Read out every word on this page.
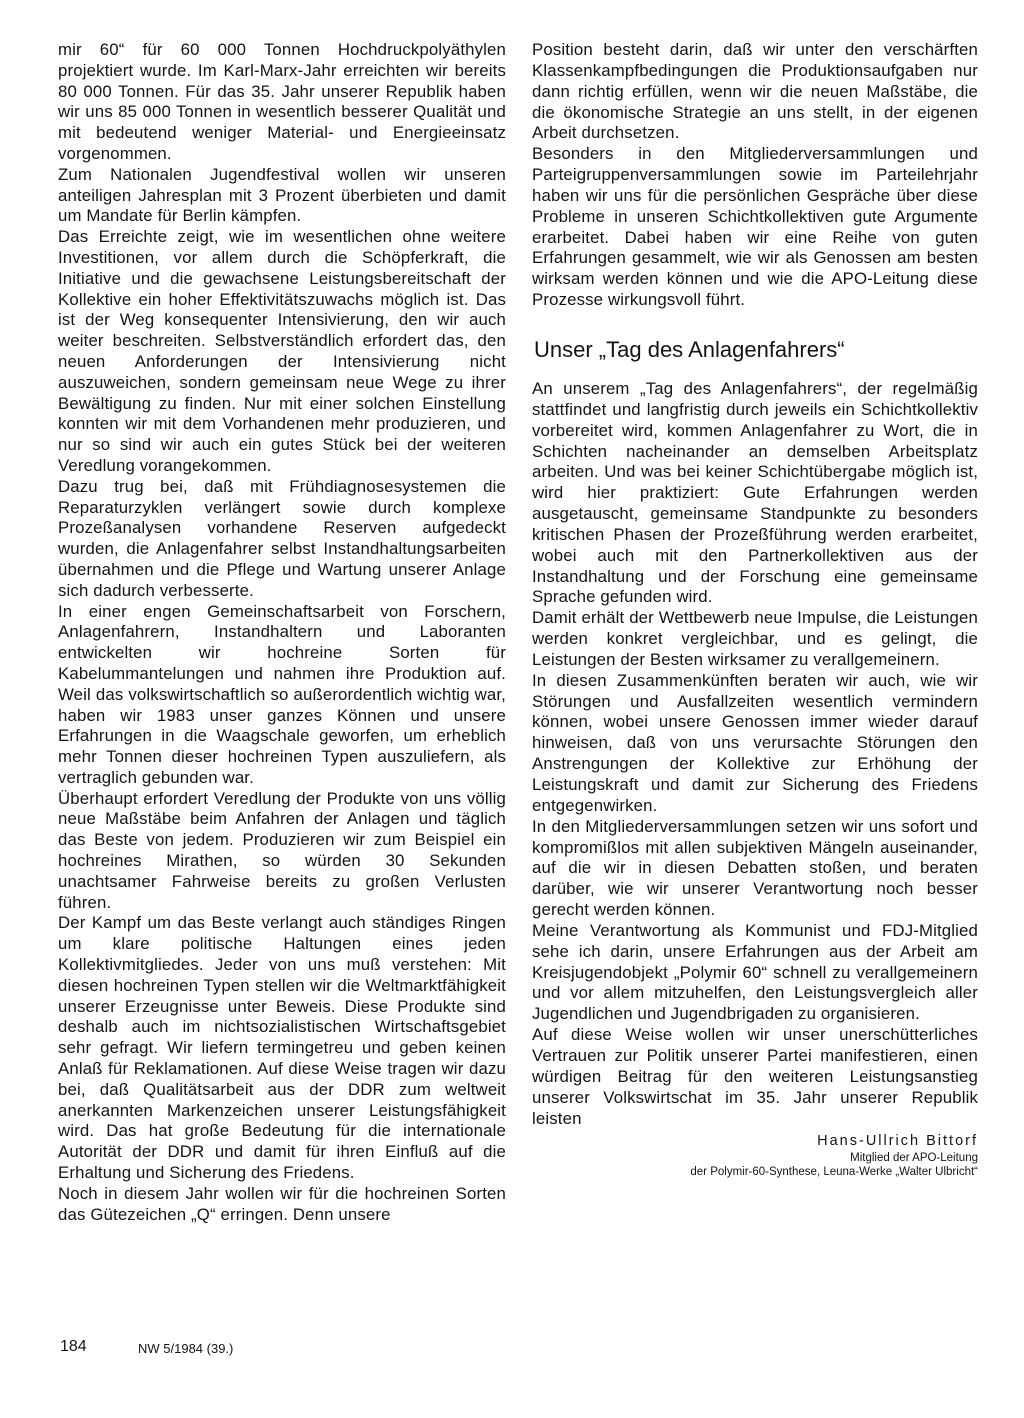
mir 60“ für 60 000 Tonnen Hochdruckpolyäthylen projektiert wurde. Im Karl-Marx-Jahr erreichten wir bereits 80 000 Tonnen. Für das 35. Jahr unserer Republik haben wir uns 85 000 Tonnen in wesentlich besserer Qualität und mit bedeutend weniger Material- und Energieeinsatz vorgenommen.

Zum Nationalen Jugendfestival wollen wir unseren anteiligen Jahresplan mit 3 Prozent überbieten und damit um Mandate für Berlin kämpfen.

Das Erreichte zeigt, wie im wesentlichen ohne weitere Investitionen, vor allem durch die Schöpferkraft, die Initiative und die gewachsene Leistungsbereitschaft der Kollektive ein hoher Effektivitätszuwachs möglich ist. Das ist der Weg konsequenter Intensivierung, den wir auch weiter beschreiten. Selbstverständlich erfordert das, den neuen Anforderungen der Intensivierung nicht auszuweichen, sondern gemeinsam neue Wege zu ihrer Bewältigung zu finden. Nur mit einer solchen Einstellung konnten wir mit dem Vorhandenen mehr produzieren, und nur so sind wir auch ein gutes Stück bei der weiteren Veredlung vorangekommen.

Dazu trug bei, daß mit Frühdiagnosesystemen die Reparaturzyklen verlängert sowie durch komplexe Prozeßanalysen vorhandene Reserven aufgedeckt wurden, die Anlagenfahrer selbst Instandhaltungsarbeiten übernahmen und die Pflege und Wartung unserer Anlage sich dadurch verbesserte.

In einer engen Gemeinschaftsarbeit von Forschern, Anlagenfahrern, Instandhaltern und Laboranten entwickelten wir hochreine Sorten für Kabelummantelungen und nahmen ihre Produktion auf. Weil das volkswirtschaftlich so außerordentlich wichtig war, haben wir 1983 unser ganzes Können und unsere Erfahrungen in die Waagschale geworfen, um erheblich mehr Tonnen dieser hochreinen Typen auszuliefern, als vertraglich gebunden war.

Überhaupt erfordert Veredlung der Produkte von uns völlig neue Maßstäbe beim Anfahren der Anlagen und täglich das Beste von jedem. Produzieren wir zum Beispiel ein hochreines Mirathen, so würden 30 Sekunden unachtsamer Fahrweise bereits zu großen Verlusten führen.

Der Kampf um das Beste verlangt auch ständiges Ringen um klare politische Haltungen eines jeden Kollektivmitgliedes. Jeder von uns muß verstehen: Mit diesen hochreinen Typen stellen wir die Weltmarktfähigkeit unserer Erzeugnisse unter Beweis. Diese Produkte sind deshalb auch im nichtsozialistischen Wirtschaftsgebiet sehr gefragt. Wir liefern termingetreu und geben keinen Anlaß für Reklamationen. Auf diese Weise tragen wir dazu bei, daß Qualitätsarbeit aus der DDR zum weltweit anerkannten Markenzeichen unserer Leistungsfähigkeit wird. Das hat große Bedeutung für die internationale Autorität der DDR und damit für ihren Einfluß auf die Erhaltung und Sicherung des Friedens.

Noch in diesem Jahr wollen wir für die hochreinen Sorten das Gütezeichen „Q“ erringen. Denn unsere

Position besteht darin, daß wir unter den verschärften Klassenkampfbedingungen die Produktionsaufgaben nur dann richtig erfüllen, wenn wir die neuen Maßstäbe, die die ökonomische Strategie an uns stellt, in der eigenen Arbeit durchsetzen.

Besonders in den Mitgliederversammlungen und Parteigruppenversammlungen sowie im Parteilehrjahr haben wir uns für die persönlichen Gespräche über diese Probleme in unseren Schichtkollektiven gute Argumente erarbeitet. Dabei haben wir eine Reihe von guten Erfahrungen gesammelt, wie wir als Genossen am besten wirksam werden können und wie die APO-Leitung diese Prozesse wirkungsvoll führt.

Unser „Tag des Anlagenfahrers“

An unserem „Tag des Anlagenfahrers“, der regelmäßig stattfindet und langfristig durch jeweils ein Schichtkollektiv vorbereitet wird, kommen Anlagenfahrer zu Wort, die in Schichten nacheinander an demselben Arbeitsplatz arbeiten. Und was bei keiner Schichtübergabe möglich ist, wird hier praktiziert: Gute Erfahrungen werden ausgetauscht, gemeinsame Standpunkte zu besonders kritischen Phasen der Prozeßführung werden erarbeitet, wobei auch mit den Partnerkollektiven aus der Instandhaltung und der Forschung eine gemeinsame Sprache gefunden wird.

Damit erhält der Wettbewerb neue Impulse, die Leistungen werden konkret vergleichbar, und es gelingt, die Leistungen der Besten wirksamer zu verallgemeinern.

In diesen Zusammenkünften beraten wir auch, wie wir Störungen und Ausfallzeiten wesentlich vermindern können, wobei unsere Genossen immer wieder darauf hinweisen, daß von uns verursachte Störungen den Anstrengungen der Kollektive zur Erhöhung der Leistungskraft und damit zur Sicherung des Friedens entgegenwirken.

In den Mitgliederversammlungen setzen wir uns sofort und kompromißlos mit allen subjektiven Mängeln auseinander, auf die wir in diesen Debatten stoßen, und beraten darüber, wie wir unserer Verantwortung noch besser gerecht werden können.

Meine Verantwortung als Kommunist und FDJ-Mitglied sehe ich darin, unsere Erfahrungen aus der Arbeit am Kreisjugendobjekt „Polymir 60“ schnell zu verallgemeinern und vor allem mitzuhelfen, den Leistungsvergleich aller Jugendlichen und Jugendbrigaden zu organisieren.

Auf diese Weise wollen wir unser unerschütterliches Vertrauen zur Politik unserer Partei manifestieren, einen würdigen Beitrag für den weiteren Leistungsanstieg unserer Volkswirtschat im 35. Jahr unserer Republik leisten

Hans-Ullrich Bittorf
Mitglied der APO-Leitung
der Polymir-60-Synthese, Leuna-Werke „Walter Ulbricht“
184	NW 5/1984 (39.)
